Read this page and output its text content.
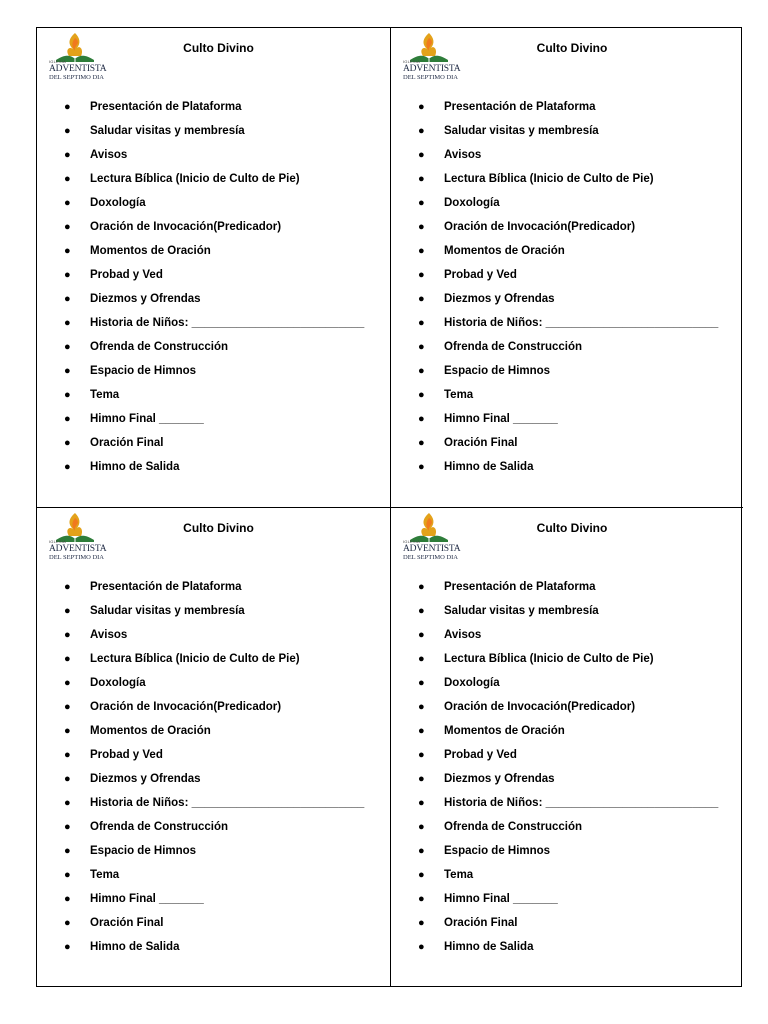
IGLESIA
ADVENTISTA
DEL SEPTIMO DIA
Culto Divino
● Presentación de Plataforma
● Saludar visitas y membresía
● Avisos
● Lectura Bíblica (Inicio de Culto de Pie)
● Doxología
● Oración de Invocación(Predicador)
● Momentos de Oración
● Probad y Ved
● Diezmos y Ofrendas
● Historia de Niños: ___________________________
● Ofrenda de Construcción
● Espacio de Himnos
● Tema
● Himno Final _______
● Oración Final
● Himno de Salida
IGLESIA
ADVENTISTA
DEL SEPTIMO DIA
Culto Divino
● Presentación de Plataforma
● Saludar visitas y membresía
● Avisos
● Lectura Bíblica (Inicio de Culto de Pie)
● Doxología
● Oración de Invocación(Predicador)
● Momentos de Oración
● Probad y Ved
● Diezmos y Ofrendas
● Historia de Niños: ___________________________
● Ofrenda de Construcción
● Espacio de Himnos
● Tema
● Himno Final _______
● Oración Final
● Himno de Salida
IGLESIA
ADVENTISTA
DEL SEPTIMO DIA
Culto Divino
● Presentación de Plataforma
● Saludar visitas y membresía
● Avisos
● Lectura Bíblica (Inicio de Culto de Pie)
● Doxología
● Oración de Invocación(Predicador)
● Momentos de Oración
● Probad y Ved
● Diezmos y Ofrendas
● Historia de Niños: ___________________________
● Ofrenda de Construcción
● Espacio de Himnos
● Tema
● Himno Final _______
● Oración Final
● Himno de Salida
IGLESIA
ADVENTISTA
DEL SEPTIMO DIA
Culto Divino
● Presentación de Plataforma
● Saludar visitas y membresía
● Avisos
● Lectura Bíblica (Inicio de Culto de Pie)
● Doxología
● Oración de Invocación(Predicador)
● Momentos de Oración
● Probad y Ved
● Diezmos y Ofrendas
● Historia de Niños: ___________________________
● Ofrenda de Construcción
● Espacio de Himnos
● Tema
● Himno Final _______
● Oración Final
● Himno de Salida
